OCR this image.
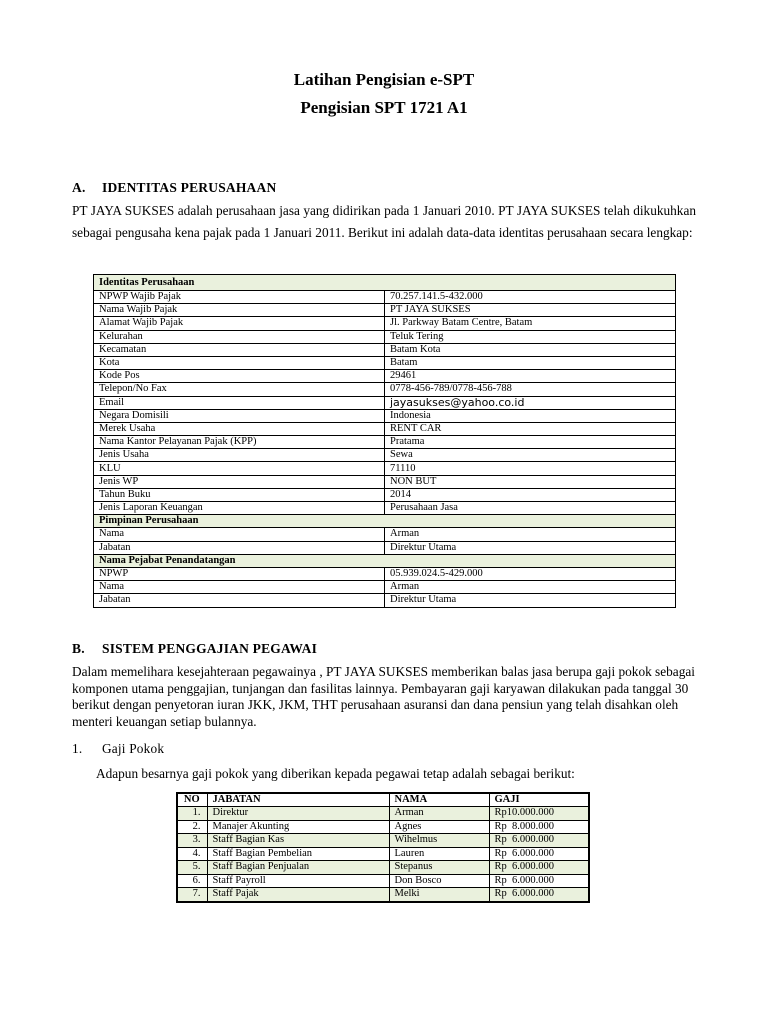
Latihan Pengisian e-SPT
Pengisian SPT 1721 A1
A. IDENTITAS PERUSAHAAN
PT JAYA SUKSES adalah perusahaan jasa yang didirikan pada 1 Januari 2010. PT JAYA SUKSES telah dikukuhkan sebagai pengusaha kena pajak pada 1 Januari 2011. Berikut ini adalah data-data identitas perusahaan secara lengkap:
Identitas Perusahaan	
NPWP Wajib Pajak	70.257.141.5-432.000
Nama Wajib Pajak	PT JAYA SUKSES
Alamat Wajib Pajak	Jl. Parkway Batam Centre, Batam
Kelurahan	Teluk Tering
Kecamatan	Batam Kota
Kota	Batam
Kode Pos	29461
Telepon/No Fax	0778-456-789/0778-456-788
Email	jayasukses@yahoo.co.id
Negara Domisili	Indonesia
Merek Usaha	RENT CAR
Nama Kantor Pelayanan Pajak (KPP)	Pratama
Jenis Usaha	Sewa
KLU	71110
Jenis WP	NON BUT
Tahun Buku	2014
Jenis Laporan Keuangan	Perusahaan Jasa
Pimpinan Perusahaan	
Nama	Arman
Jabatan	Direktur Utama
Nama Pejabat Penandatangan	
NPWP	05.939.024.5-429.000
Nama	Arman
Jabatan	Direktur Utama
B. SISTEM PENGGAJIAN PEGAWAI
Dalam memelihara kesejahteraan pegawainya , PT JAYA SUKSES memberikan balas jasa berupa gaji pokok sebagai komponen utama penggajian, tunjangan dan fasilitas lainnya. Pembayaran gaji karyawan dilakukan pada tanggal 30 berikut dengan penyetoran iuran JKK, JKM, THT perusahaan asuransi dan dana pensiun yang telah disahkan oleh menteri keuangan setiap bulannya.
1. Gaji Pokok
Adapun besarnya gaji pokok yang diberikan kepada pegawai tetap adalah sebagai berikut:
NO	JABATAN	NAMA	GAJI
1.	Direktur	Arman	Rp10.000.000
2.	Manajer Akunting	Agnes	Rp  8.000.000
3.	Staff Bagian Kas	Wihelmus	Rp  6.000.000
4.	Staff Bagian Pembelian	Lauren	Rp  6.000.000
5.	Staff Bagian Penjualan	Stepanus	Rp  6.000.000
6.	Staff Payroll	Don Bosco	Rp  6.000.000
7.	Staff Pajak	Melki	Rp  6.000.000
